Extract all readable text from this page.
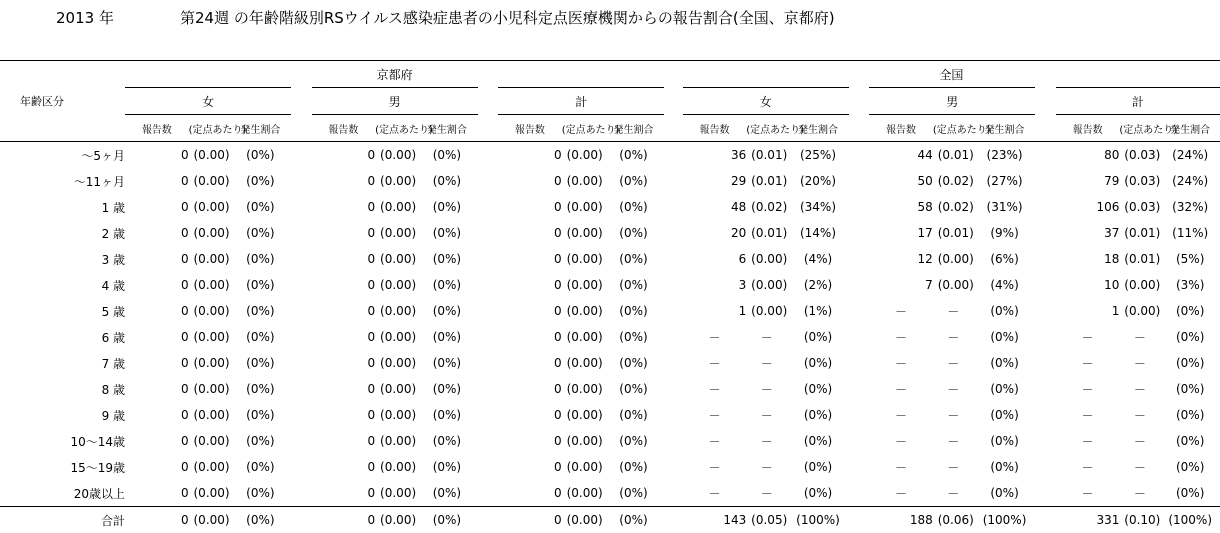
2013 年	第24週 の年齢階級別RSウイルス感染症患者の小児科定点医療機関からの報告割合(全国、京都府)
	京都府												全国										
年齢区分	女				男				計				女				男				計		
	報告数	(定点あたり)	発生割合		報告数	(定点あたり)	発生割合		報告数	(定点あたり)	発生割合		報告数	(定点あたり)	発生割合		報告数	(定点あたり)	発生割合		報告数	(定点あたり)	発生割合
～5ヶ月	0	(0.00)	(0%)		0	(0.00)	(0%)		0	(0.00)	(0%)		36	(0.01)	(25%)		44	(0.01)	(23%)		80	(0.03)	(24%)
～11ヶ月	0	(0.00)	(0%)		0	(0.00)	(0%)		0	(0.00)	(0%)		29	(0.01)	(20%)		50	(0.02)	(27%)		79	(0.03)	(24%)
1 歳	0	(0.00)	(0%)		0	(0.00)	(0%)		0	(0.00)	(0%)		48	(0.02)	(34%)		58	(0.02)	(31%)		106	(0.03)	(32%)
2 歳	0	(0.00)	(0%)		0	(0.00)	(0%)		0	(0.00)	(0%)		20	(0.01)	(14%)		17	(0.01)	(9%)		37	(0.01)	(11%)
3 歳	0	(0.00)	(0%)		0	(0.00)	(0%)		0	(0.00)	(0%)		6	(0.00)	(4%)		12	(0.00)	(6%)		18	(0.01)	(5%)
4 歳	0	(0.00)	(0%)		0	(0.00)	(0%)		0	(0.00)	(0%)		3	(0.00)	(2%)		7	(0.00)	(4%)		10	(0.00)	(3%)
5 歳	0	(0.00)	(0%)		0	(0.00)	(0%)		0	(0.00)	(0%)		1	(0.00)	(1%)		－	－	(0%)		1	(0.00)	(0%)
6 歳	0	(0.00)	(0%)		0	(0.00)	(0%)		0	(0.00)	(0%)		－	－	(0%)		－	－	(0%)		－	－	(0%)
7 歳	0	(0.00)	(0%)		0	(0.00)	(0%)		0	(0.00)	(0%)		－	－	(0%)		－	－	(0%)		－	－	(0%)
8 歳	0	(0.00)	(0%)		0	(0.00)	(0%)		0	(0.00)	(0%)		－	－	(0%)		－	－	(0%)		－	－	(0%)
9 歳	0	(0.00)	(0%)		0	(0.00)	(0%)		0	(0.00)	(0%)		－	－	(0%)		－	－	(0%)		－	－	(0%)
10～14歳	0	(0.00)	(0%)		0	(0.00)	(0%)		0	(0.00)	(0%)		－	－	(0%)		－	－	(0%)		－	－	(0%)
15～19歳	0	(0.00)	(0%)		0	(0.00)	(0%)		0	(0.00)	(0%)		－	－	(0%)		－	－	(0%)		－	－	(0%)
20歳以上	0	(0.00)	(0%)		0	(0.00)	(0%)		0	(0.00)	(0%)		－	－	(0%)		－	－	(0%)		－	－	(0%)
合計	0	(0.00)	(0%)		0	(0.00)	(0%)		0	(0.00)	(0%)		143	(0.05)	(100%)		188	(0.06)	(100%)		331	(0.10)	(100%)
